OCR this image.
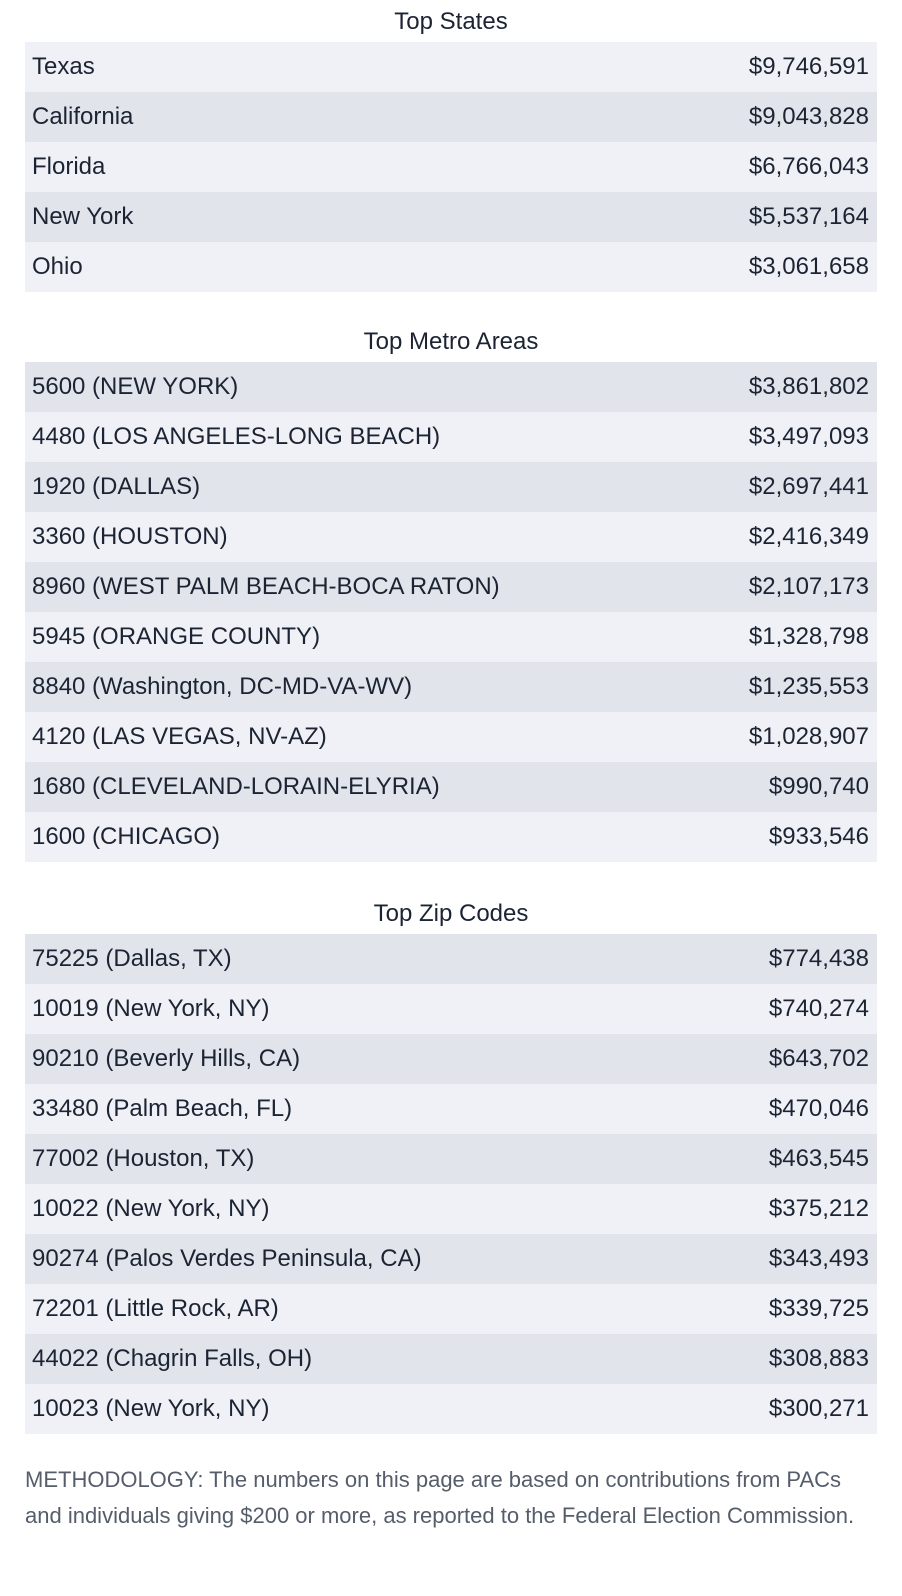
Top States
Texas	$9,746,591
California	$9,043,828
Florida	$6,766,043
New York	$5,537,164
Ohio	$3,061,658
Top Metro Areas
5600 (NEW YORK)	$3,861,802
4480 (LOS ANGELES-LONG BEACH)	$3,497,093
1920 (DALLAS)	$2,697,441
3360 (HOUSTON)	$2,416,349
8960 (WEST PALM BEACH-BOCA RATON)	$2,107,173
5945 (ORANGE COUNTY)	$1,328,798
8840 (Washington, DC-MD-VA-WV)	$1,235,553
4120 (LAS VEGAS, NV-AZ)	$1,028,907
1680 (CLEVELAND-LORAIN-ELYRIA)	$990,740
1600 (CHICAGO)	$933,546
Top Zip Codes
75225 (Dallas, TX)	$774,438
10019 (New York, NY)	$740,274
90210 (Beverly Hills, CA)	$643,702
33480 (Palm Beach, FL)	$470,046
77002 (Houston, TX)	$463,545
10022 (New York, NY)	$375,212
90274 (Palos Verdes Peninsula, CA)	$343,493
72201 (Little Rock, AR)	$339,725
44022 (Chagrin Falls, OH)	$308,883
10023 (New York, NY)	$300,271

METHODOLOGY: The numbers on this page are based on contributions from PACs and individuals giving $200 or more, as reported to the Federal Election Commission.
